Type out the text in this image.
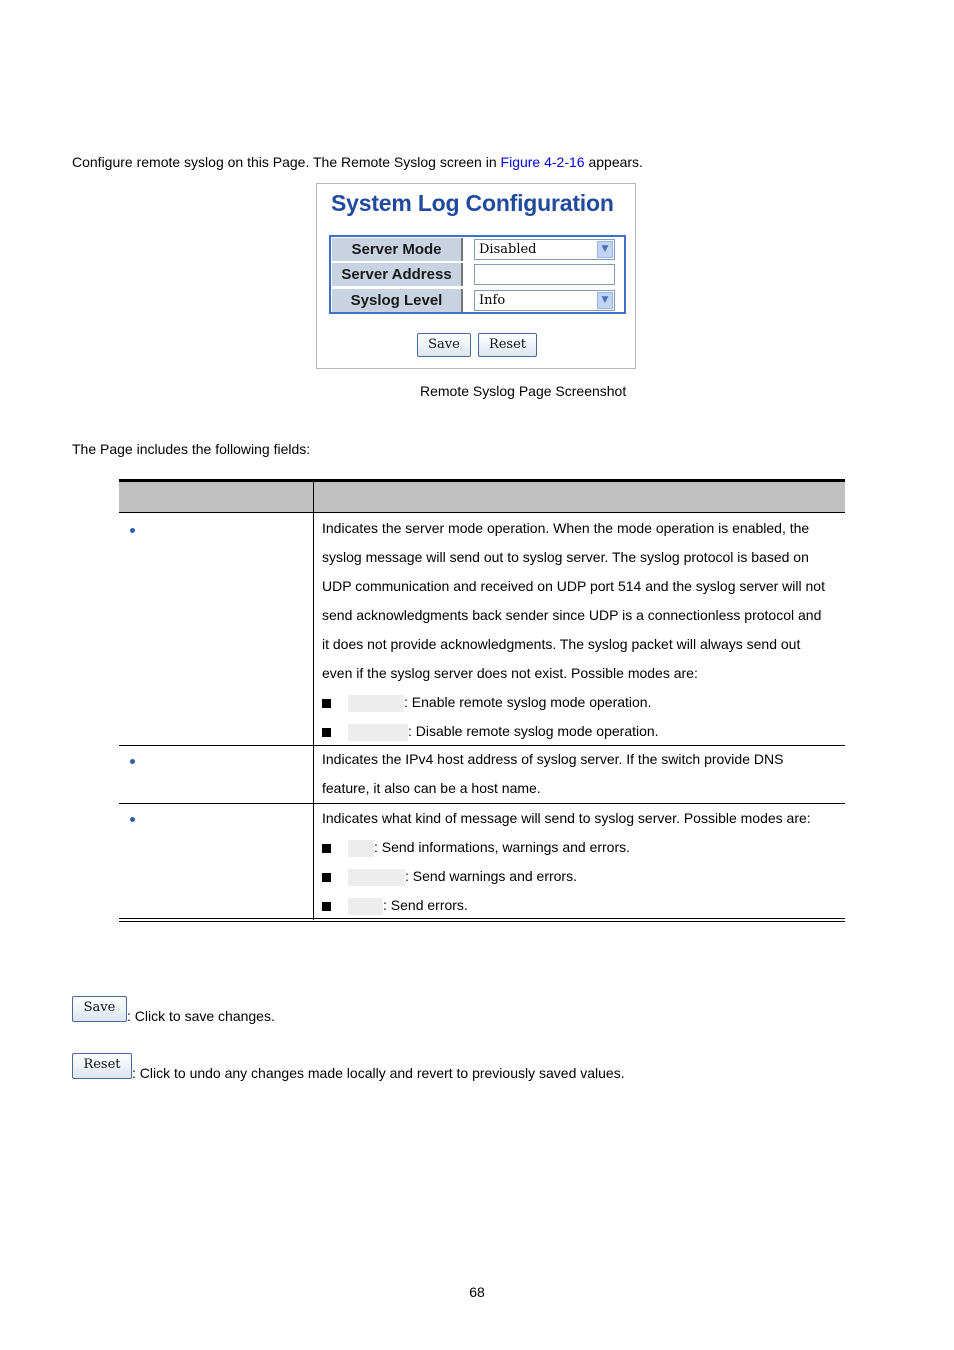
Configure remote syslog on this Page. The Remote Syslog screen in Figure 4-2-16 appears.
System Log Configuration
Server Mode	Disabled	▼
Server Address
Syslog Level	Info	▼
Save	Reset
Remote Syslog Page Screenshot
The Page includes the following fields:
Indicates the server mode operation. When the mode operation is enabled, the
syslog message will send out to syslog server. The syslog protocol is based on
UDP communication and received on UDP port 514 and the syslog server will not
send acknowledgments back sender since UDP is a connectionless protocol and
it does not provide acknowledgments. The syslog packet will always send out
even if the syslog server does not exist. Possible modes are:
: Enable remote syslog mode operation.
: Disable remote syslog mode operation.
Indicates the IPv4 host address of syslog server. If the switch provide DNS
feature, it also can be a host name.
Indicates what kind of message will send to syslog server. Possible modes are:
: Send informations, warnings and errors.
: Send warnings and errors.
: Send errors.
Save
: Click to save changes.
Reset
: Click to undo any changes made locally and revert to previously saved values.
68
